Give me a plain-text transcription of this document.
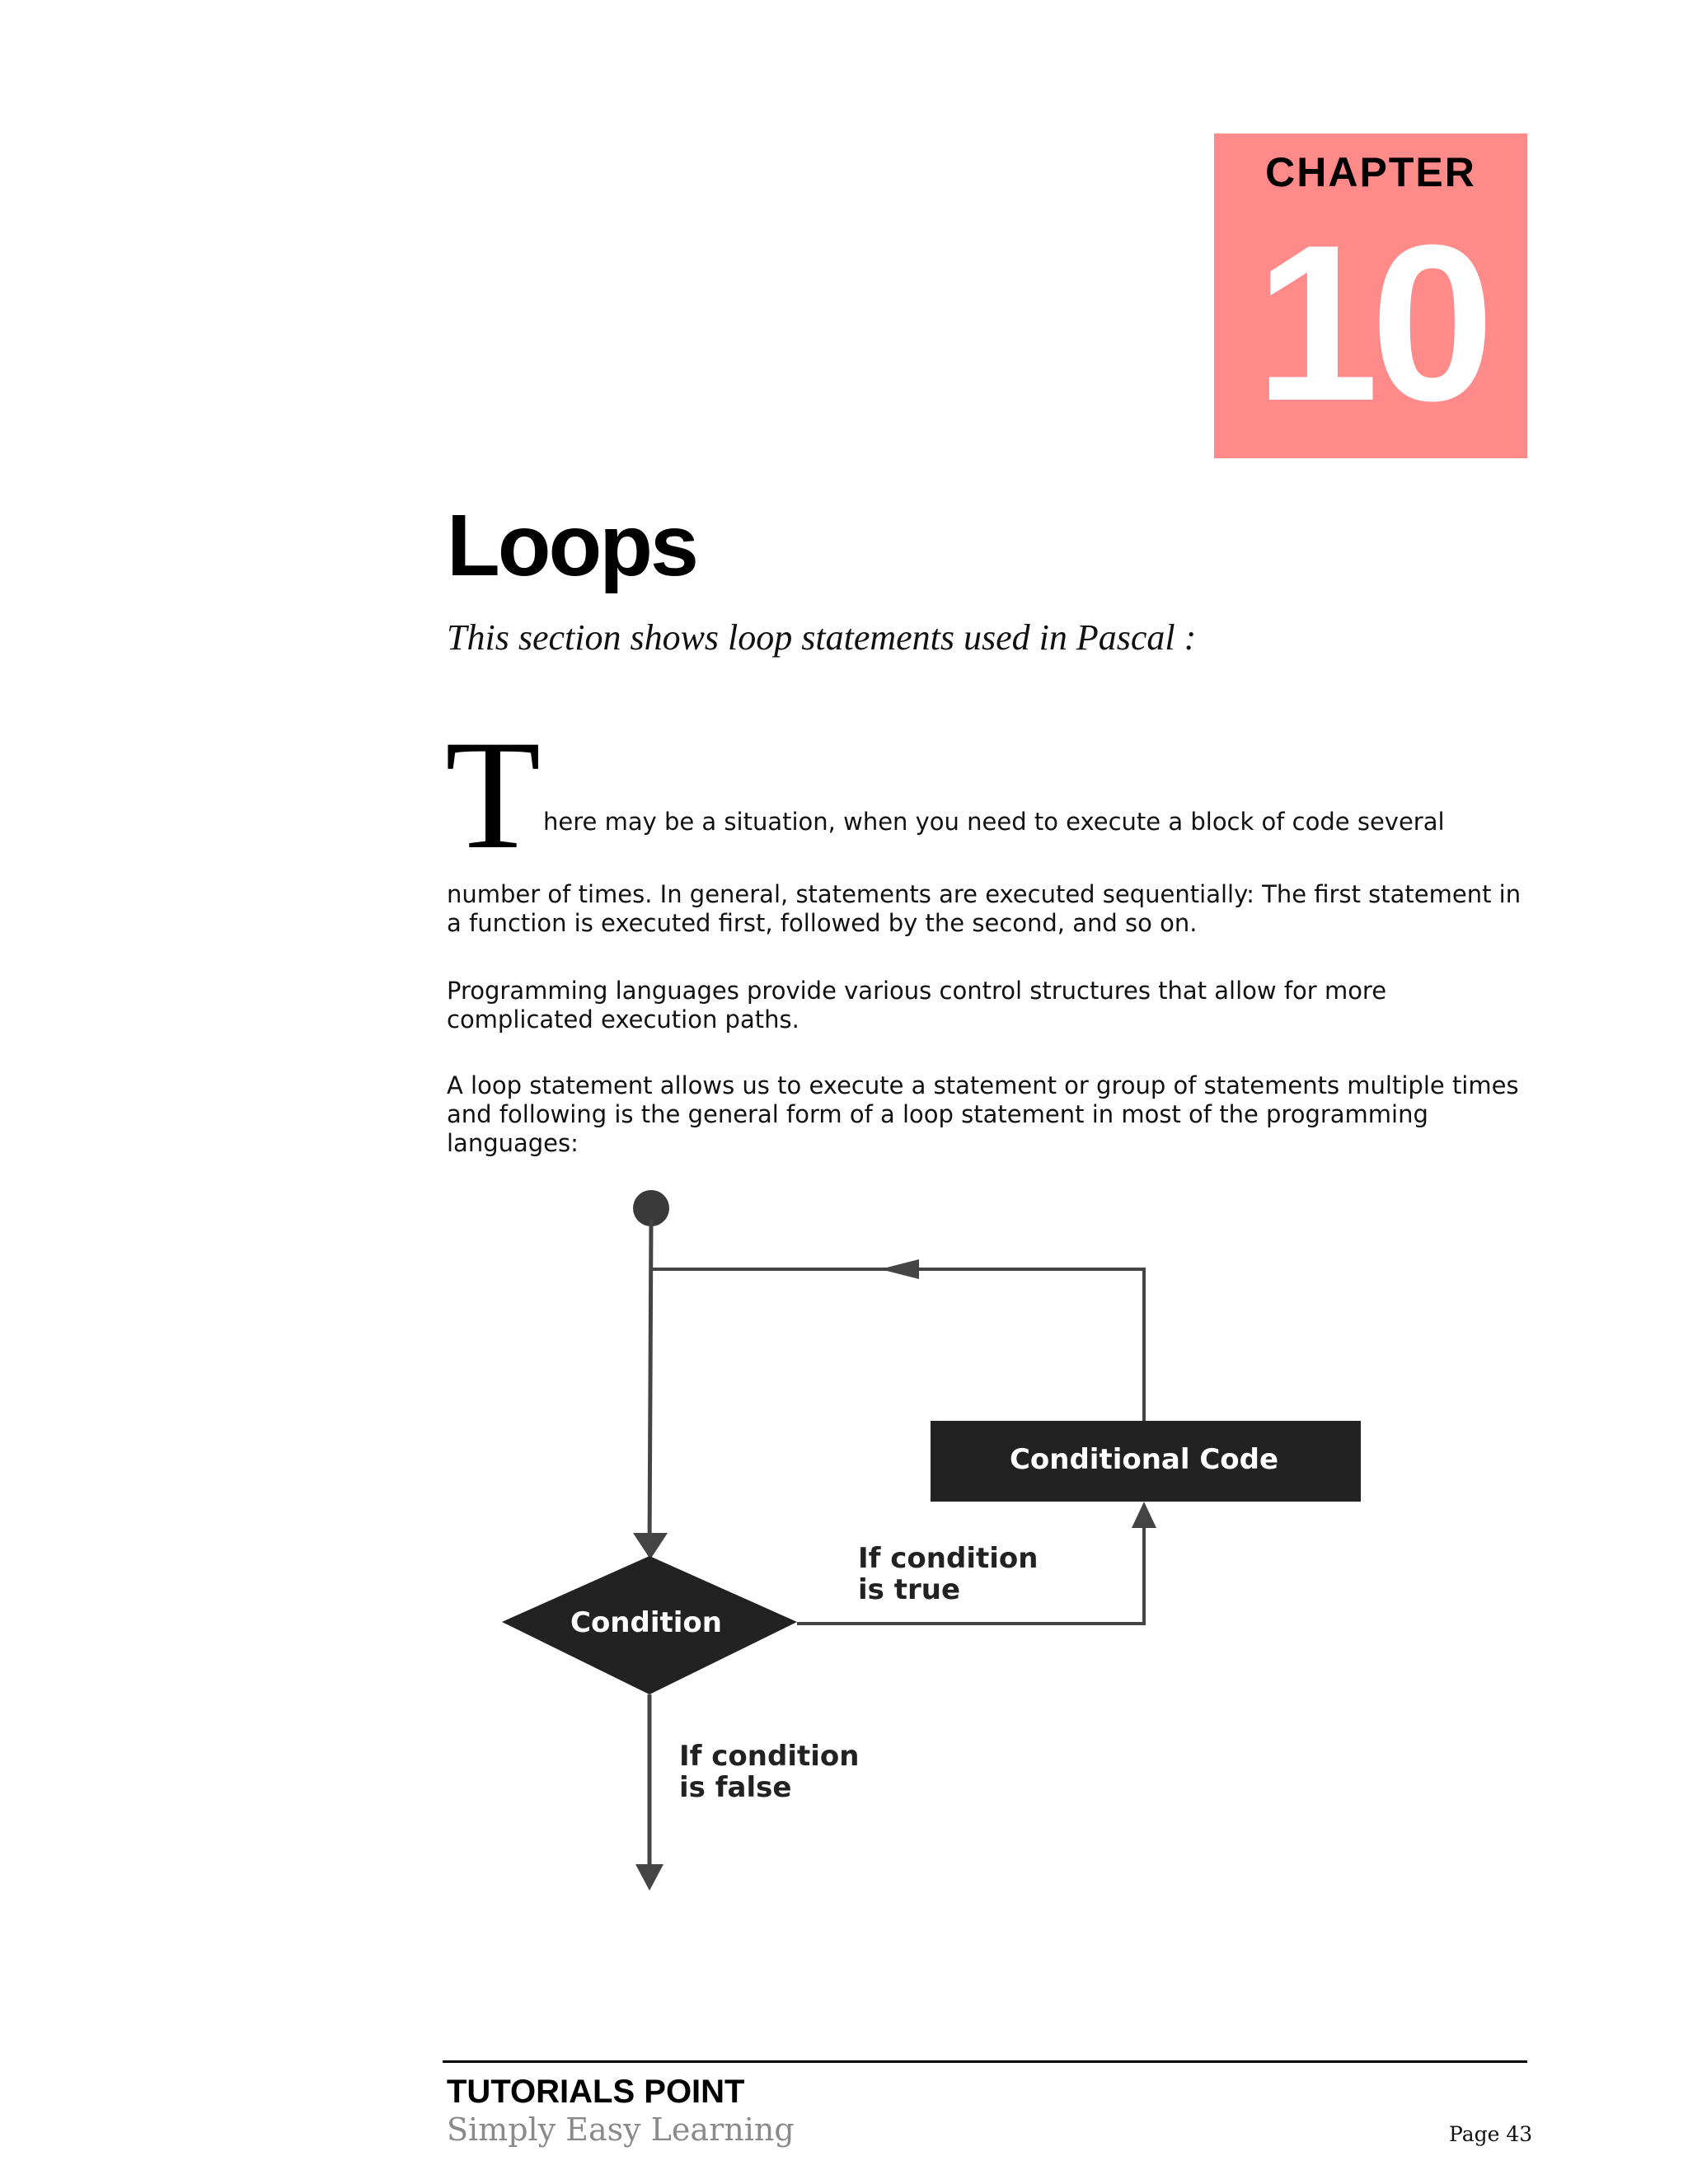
CHAPTER
10
Loops
This section shows loop statements used in Pascal :
T here may be a situation, when you need to execute a block of code several

number of times. In general, statements are executed sequentially: The first statement in a function is executed first, followed by the second, and so on.

Programming languages provide various control structures that allow for more complicated execution paths.

A loop statement allows us to execute a statement or group of statements multiple times and following is the general form of a loop statement in most of the programming languages:

Conditional Code
Condition
If condition
is true
If condition
is false
TUTORIALS POINT
Simply Easy Learning	Page 43
